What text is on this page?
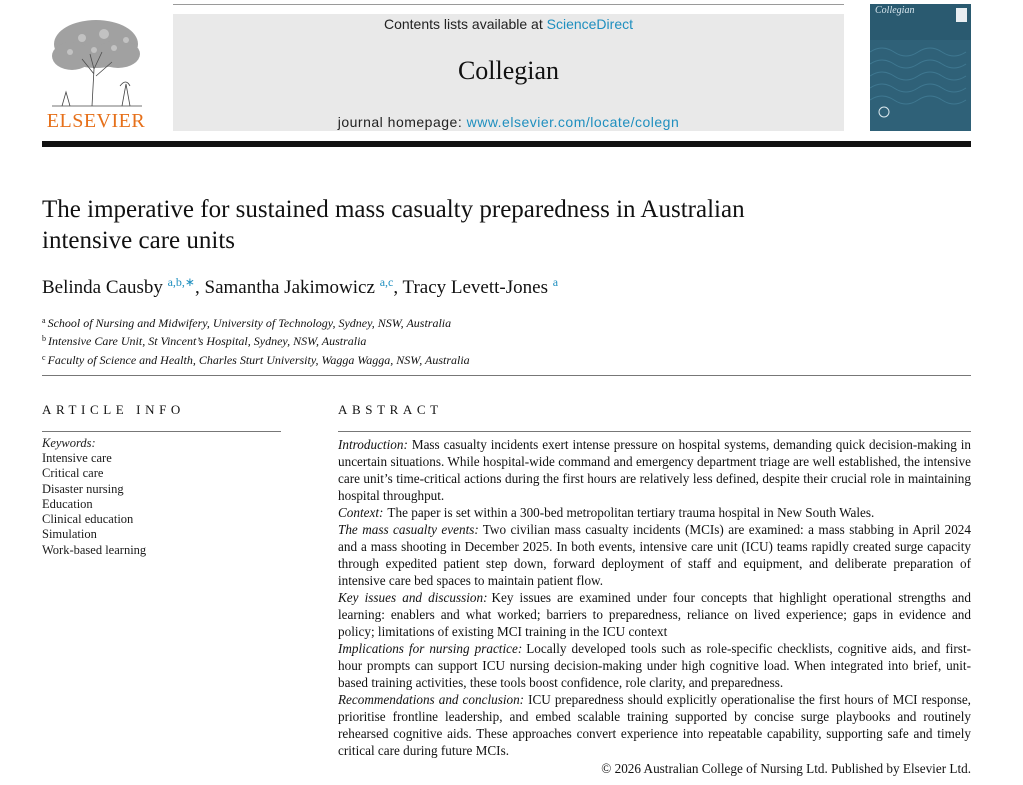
ELSEVIER
Contents lists available at ScienceDirect
Collegian
journal homepage: www.elsevier.com/locate/colegn
Collegian
The imperative for sustained mass casualty preparedness in Australian
intensive care units
Belinda Causby $^{a,b,∗}$, Samantha Jakimowicz $^{a,c}$, Tracy Levett-Jones $^a$
$^a$ School of Nursing and Midwifery, University of Technology, Sydney, NSW, Australia
$^b$ Intensive Care Unit, St Vincent’s Hospital, Sydney, NSW, Australia
$^c$ Faculty of Science and Health, Charles Sturt University, Wagga Wagga, NSW, Australia
ARTICLE INFO
Keywords:
Intensive care
Critical care
Disaster nursing
Education
Clinical education
Simulation
Work-based learning
ABSTRACT

Introduction: Mass casualty incidents exert intense pressure on hospital systems, demanding quick decision-making in uncertain situations. While hospital-wide command and emergency department triage are well established, the intensive care unit’s time-critical actions during the first hours are relatively less defined, despite their crucial role in maintaining hospital throughput.

Context: The paper is set within a 300-bed metropolitan tertiary trauma hospital in New South Wales.

The mass casualty events: Two civilian mass casualty incidents (MCIs) are examined: a mass stabbing in April 2024 and a mass shooting in December 2025. In both events, intensive care unit (ICU) teams rapidly created surge capacity through expedited patient step down, forward deployment of staff and equipment, and deliberate preparation of intensive care bed spaces to maintain patient flow.

Key issues and discussion: Key issues are examined under four concepts that highlight operational strengths and learning: enablers and what worked; barriers to preparedness, reliance on lived experience; gaps in evidence and policy; limitations of existing MCI training in the ICU context

Implications for nursing practice: Locally developed tools such as role-specific checklists, cognitive aids, and first-hour prompts can support ICU nursing decision-making under high cognitive load. When integrated into brief, unit-based training activities, these tools boost confidence, role clarity, and preparedness.

Recommendations and conclusion: ICU preparedness should explicitly operationalise the first hours of MCI response, prioritise frontline leadership, and embed scalable training supported by concise surge playbooks and routinely rehearsed cognitive aids. These approaches convert experience into repeatable capability, supporting safe and timely critical care during future MCIs.

© 2026 Australian College of Nursing Ltd. Published by Elsevier Ltd.
